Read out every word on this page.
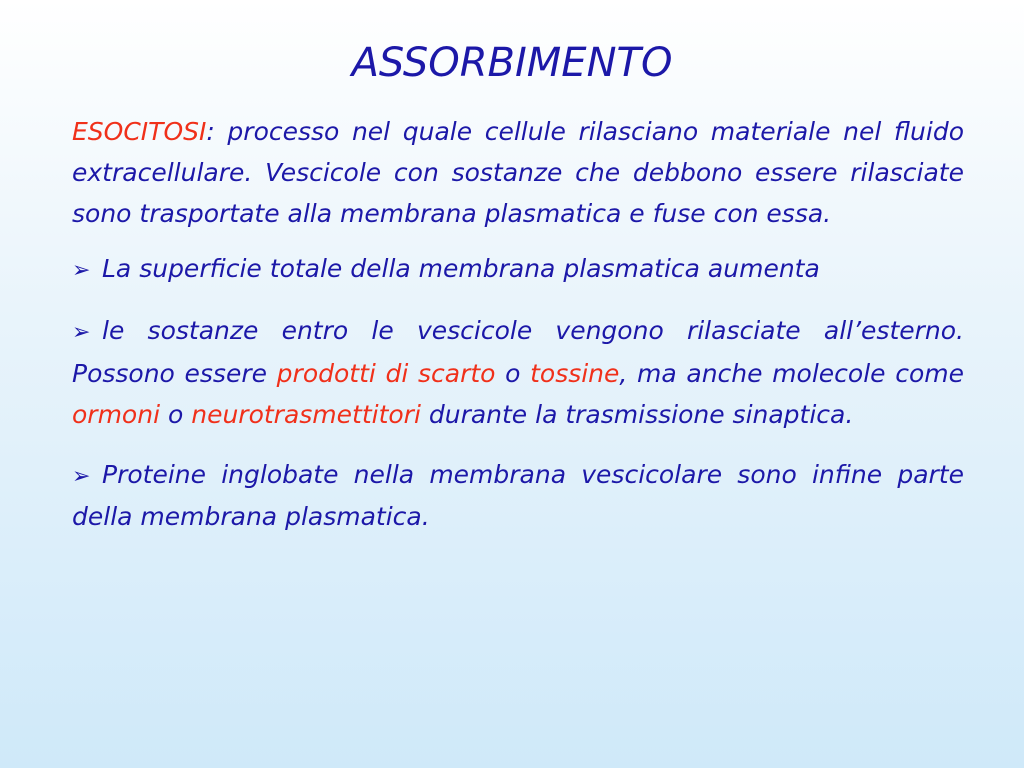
ASSORBIMENTO

ESOCITOSI: processo nel quale cellule rilasciano materiale nel fluido extracellulare. Vescicole con sostanze che debbono essere rilasciate sono trasportate alla membrana plasmatica e fuse con essa.

➢ La superficie totale della membrana plasmatica aumenta

➢ le sostanze entro le vescicole vengono rilasciate all’esterno. Possono essere prodotti di scarto o tossine, ma anche molecole come ormoni o neurotrasmettitori durante la trasmissione sinaptica.

➢ Proteine inglobate nella membrana vescicolare sono infine parte della membrana plasmatica.
